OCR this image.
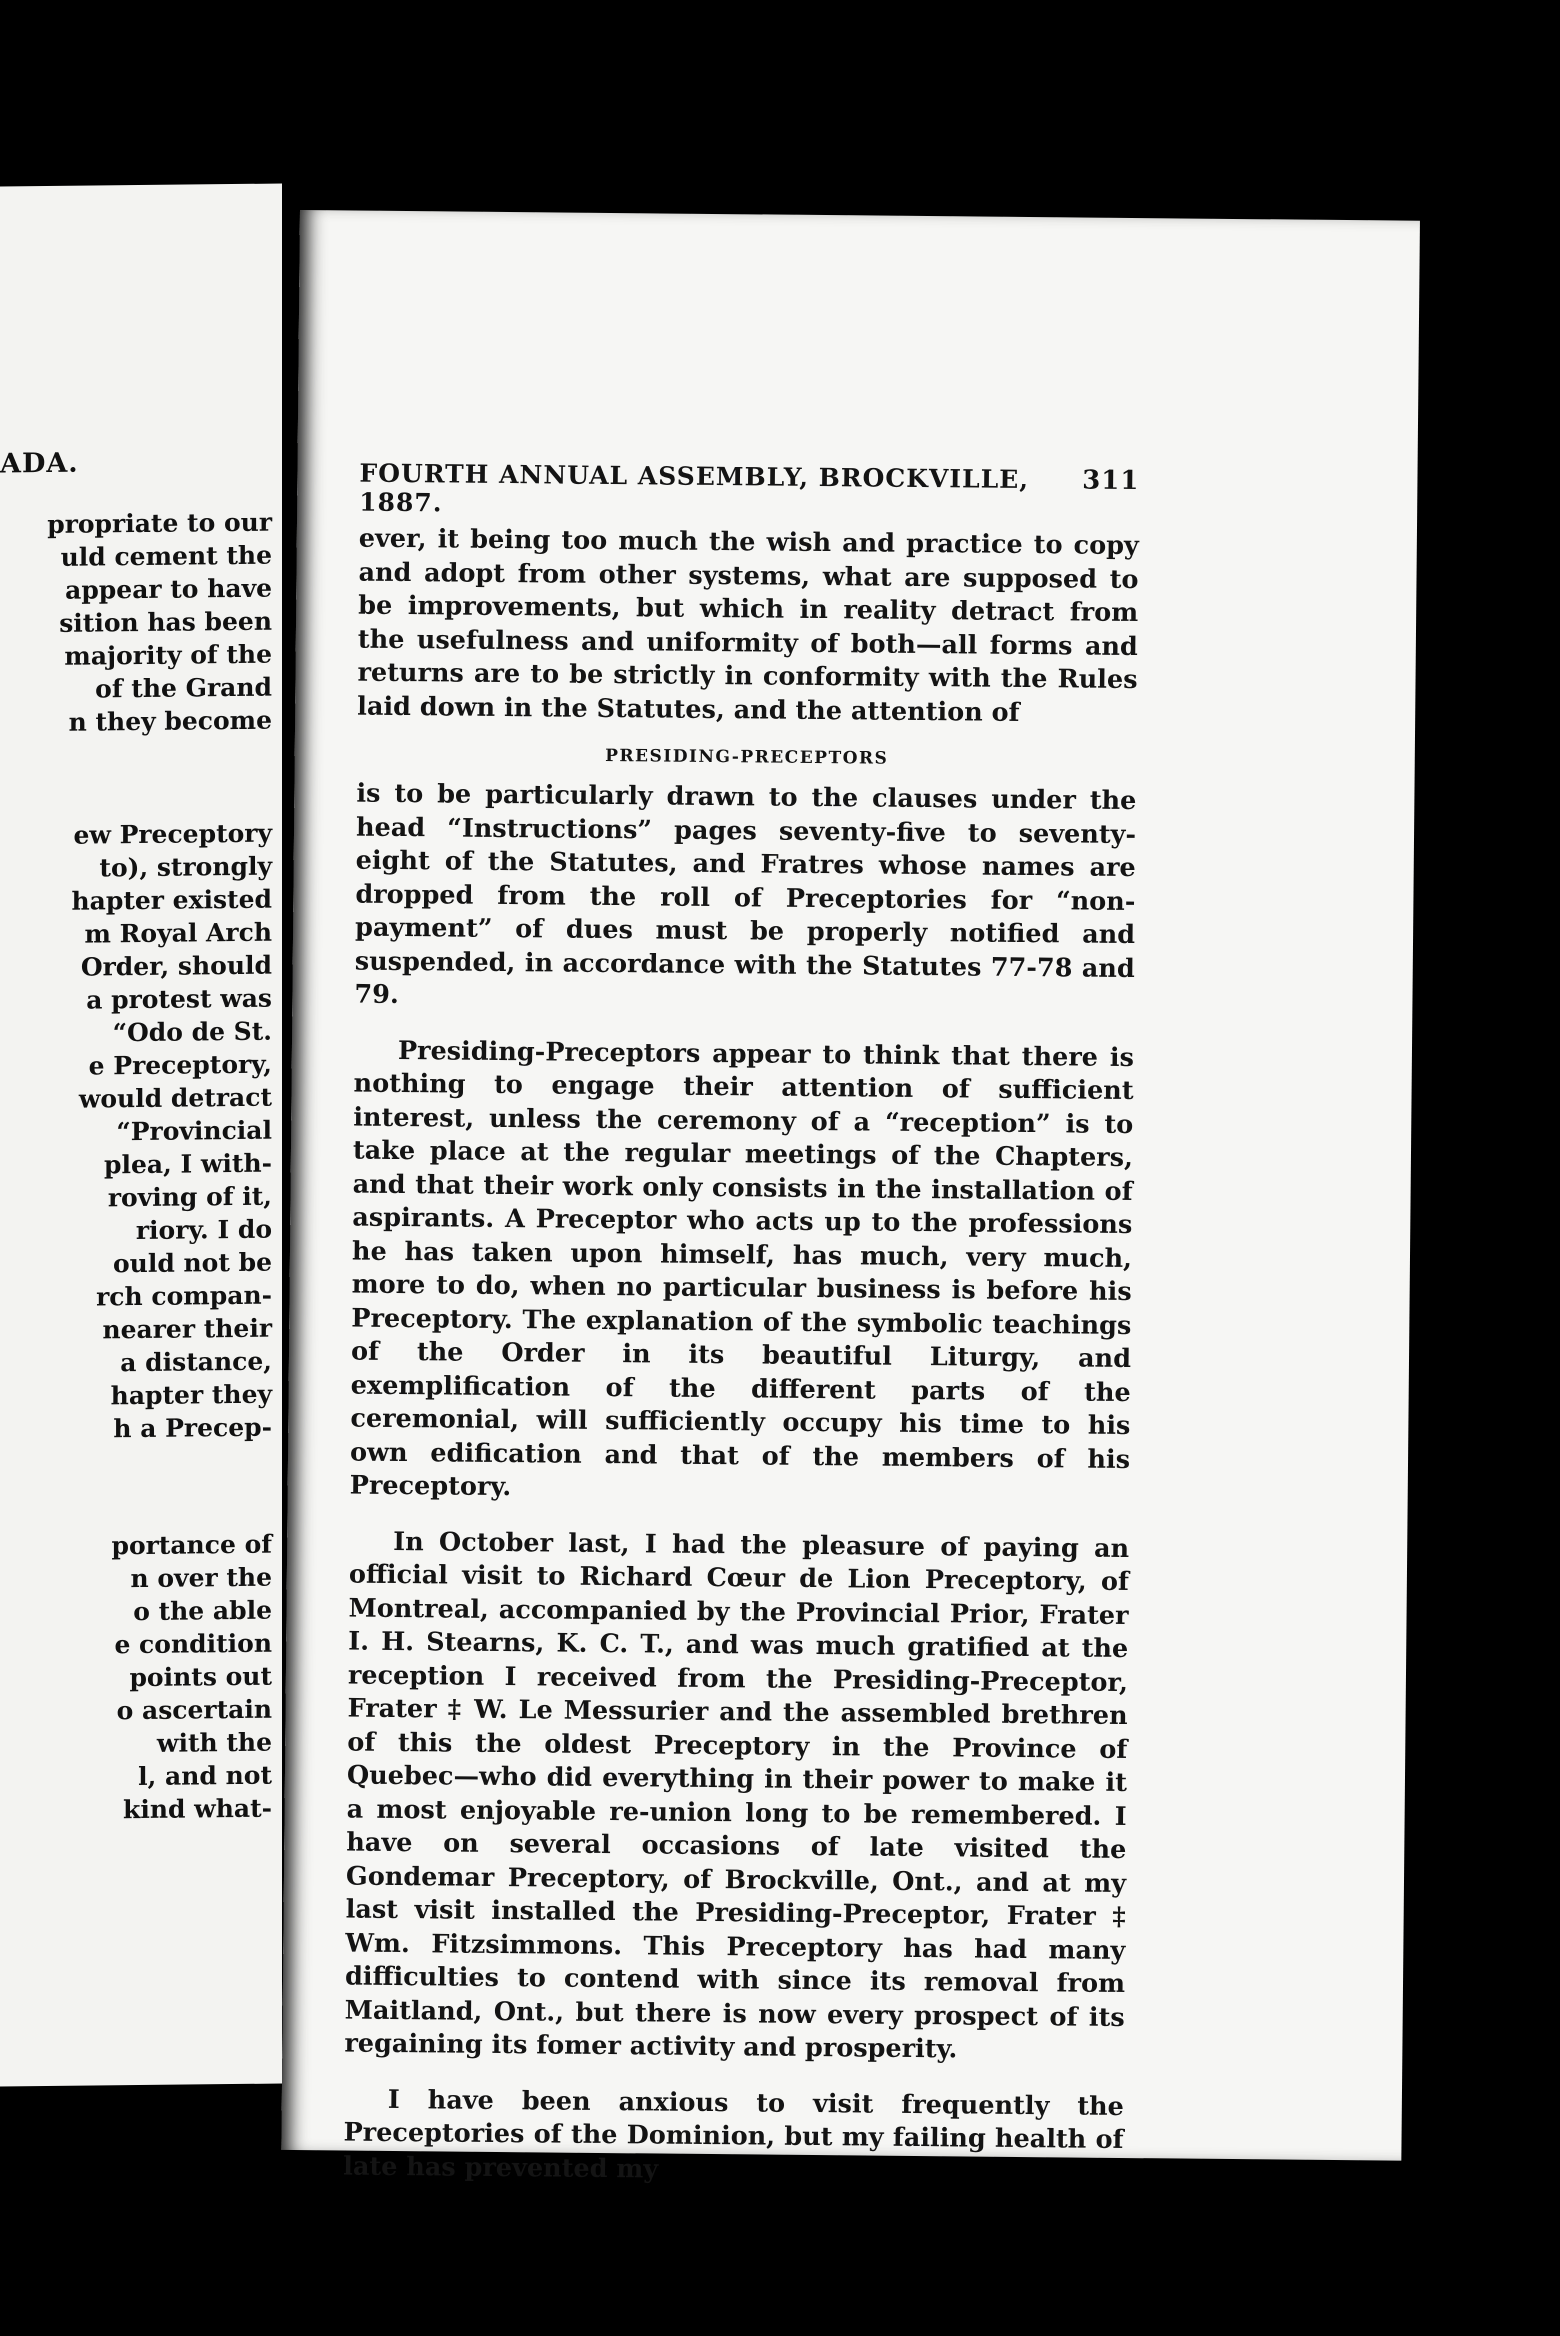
ADA.
propriate to our
uld cement the
appear to have
sition has been
majority of the
of the Grand
n they become
ew Preceptory
to), strongly
hapter existed
m Royal Arch
Order, should
a protest was
“Odo de St.
e Preceptory,
would detract
“Provincial
plea, I with-
roving of it,
riory. I do
ould not be
rch compan-
nearer their
a distance,
hapter they
h a Precep-
portance of
n over the
o the able
e condition
points out
o ascertain
with the
l, and not
kind what-
FOURTH ANNUAL ASSEMBLY, BROCKVILLE, 1887.
311

ever, it being too much the wish and practice to copy and adopt from other systems, what are supposed to be improvements, but which in reality detract from the usefulness and uniformity of both—all forms and returns are to be strictly in conformity with the Rules laid down in the Statutes, and the attention of

PRESIDING-PRECEPTORS

is to be particularly drawn to the clauses under the head “Instructions” pages seventy-five to seventy-eight of the Statutes, and Fratres whose names are dropped from the roll of Preceptories for “non-payment” of dues must be properly notified and suspended, in accordance with the Statutes 77-78 and 79.

Presiding-Preceptors appear to think that there is nothing to engage their attention of sufficient interest, unless the ceremony of a “reception” is to take place at the regular meetings of the Chapters, and that their work only consists in the installation of aspirants. A Preceptor who acts up to the professions he has taken upon himself, has much, very much, more to do, when no particular business is before his Preceptory. The explanation of the symbolic teachings of the Order in its beautiful Liturgy, and exemplification of the different parts of the ceremonial, will sufficiently occupy his time to his own edification and that of the members of his Preceptory.

In October last, I had the pleasure of paying an official visit to Richard Cœur de Lion Preceptory, of Montreal, accompanied by the Provincial Prior, Frater I. H. Stearns, K. C. T., and was much gratified at the reception I received from the Presiding-Preceptor, Frater ‡ W. Le Messurier and the assembled brethren of this the oldest Preceptory in the Province of Quebec—who did everything in their power to make it a most enjoyable re-union long to be remembered. I have on several occasions of late visited the Gondemar Preceptory, of Brockville, Ont., and at my last visit installed the Presiding-Preceptor, Frater ‡ Wm. Fitzsimmons. This Preceptory has had many difficulties to contend with since its removal from Maitland, Ont., but there is now every prospect of its regaining its fomer activity and prosperity.

I have been anxious to visit frequently the Preceptories of the Dominion, but my failing health of late has prevented my
